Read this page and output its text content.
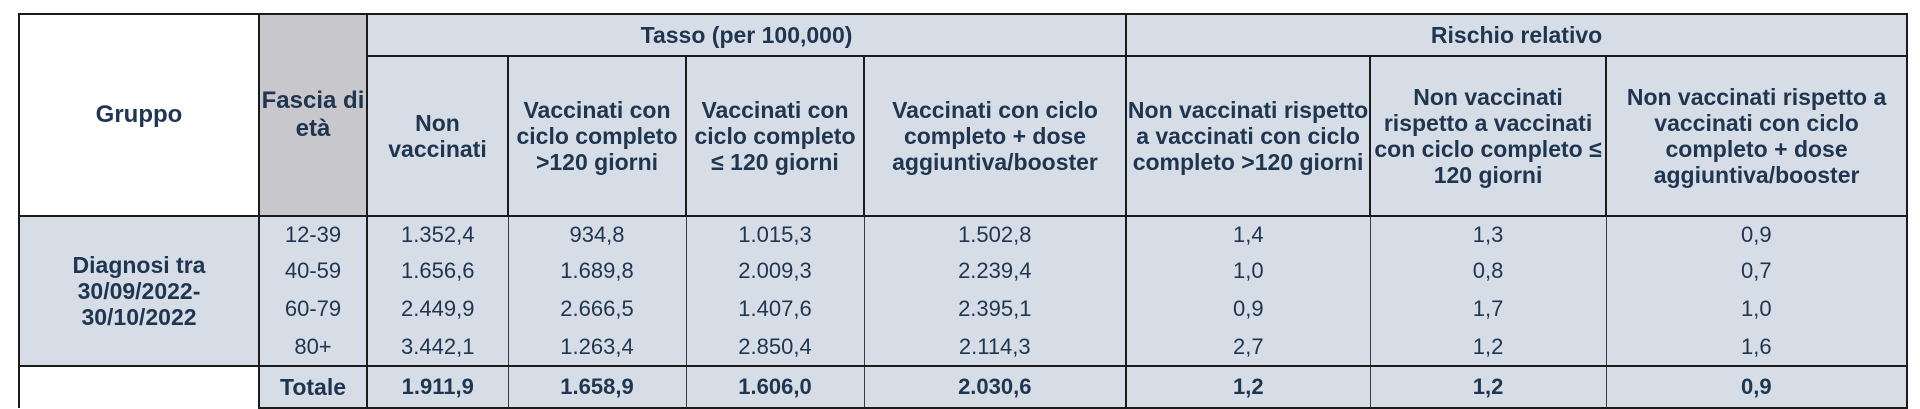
Gruppo	Fascia di età	Tasso (per 100,000)				Rischio relativo		
		Non vaccinati	Vaccinati con ciclo completo >120 giorni	Vaccinati con ciclo completo ≤ 120 giorni	Vaccinati con ciclo completo + dose aggiuntiva/booster	Non vaccinati rispetto a vaccinati con ciclo completo >120 giorni	Non vaccinati rispetto a vaccinati con ciclo completo ≤ 120 giorni	Non vaccinati rispetto a vaccinati con ciclo completo + dose aggiuntiva/booster
Diagnosi tra 30/09/2022-30/10/2022	12-39	1.352,4	934,8	1.015,3	1.502,8	1,4	1,3	0,9
	40-59	1.656,6	1.689,8	2.009,3	2.239,4	1,0	0,8	0,7
	60-79	2.449,9	2.666,5	1.407,6	2.395,1	0,9	1,7	1,0
	80+	3.442,1	1.263,4	2.850,4	2.114,3	2,7	1,2	1,6
	Totale	1.911,9	1.658,9	1.606,0	2.030,6	1,2	1,2	0,9
